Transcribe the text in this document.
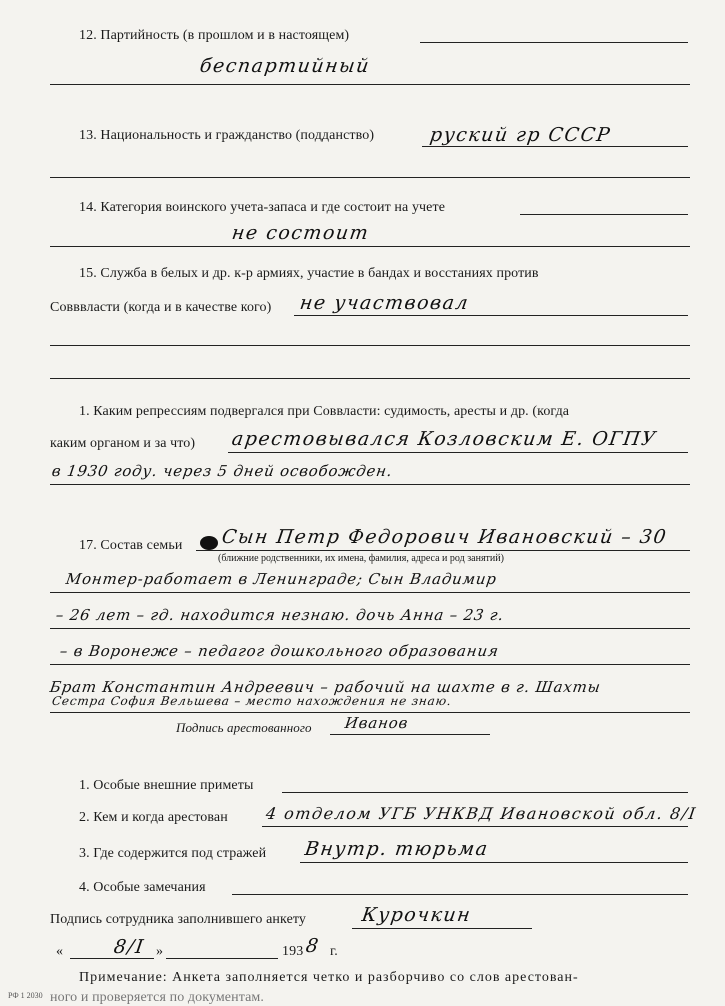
12. Партийность (в прошлом и в настоящем)
беспартийный
13. Национальность и гражданство (подданство)	руский гр СССР
14. Категория воинского учета-запаса и где состоит на учете
не состоит
15. Служба в белых и др. к-р армиях, участие в бандах и восстаниях против
Совввласти (когда и в качестве кого) не участвовал
1. Каким репрессиям подвергался при Соввласти: судимость, аресты и др. (когда
каким органом и за что) арестовывался Козловским Е. ОГПУ
в 1930 году. через 5 дней освобожден.
17. Состав семьи Сын Петр Федорович Ивановский – 30
(ближние родственники, их имена, фамилия, адреса и род занятий)
Монтер-работает в Ленинграде; Сын Владимир
– 26 лет – гд. находится незнаю. дочь Анна – 23 г.
– в Воронеже – педагог дошкольного образования
Брат Константин Андреевич – рабочий на шахте в г. Шахты
Сестра София Вельшева – место нахождения не знаю.
Подпись арестованного Иванов
1. Особые внешние приметы
2. Кем и когда арестован 4 отделом УГБ УНКВД Ивановской обл. 8/I
3. Где содержится под стражей Внутр. тюрьма
4. Особые замечания
Подпись сотрудника заполнившего анкету	Курочкин
«	8/I »	193 8 г.
Примечание: Анкета заполняется четко и разборчиво со слов арестован-
ного и проверяется по документам.
РФ 1 2030
